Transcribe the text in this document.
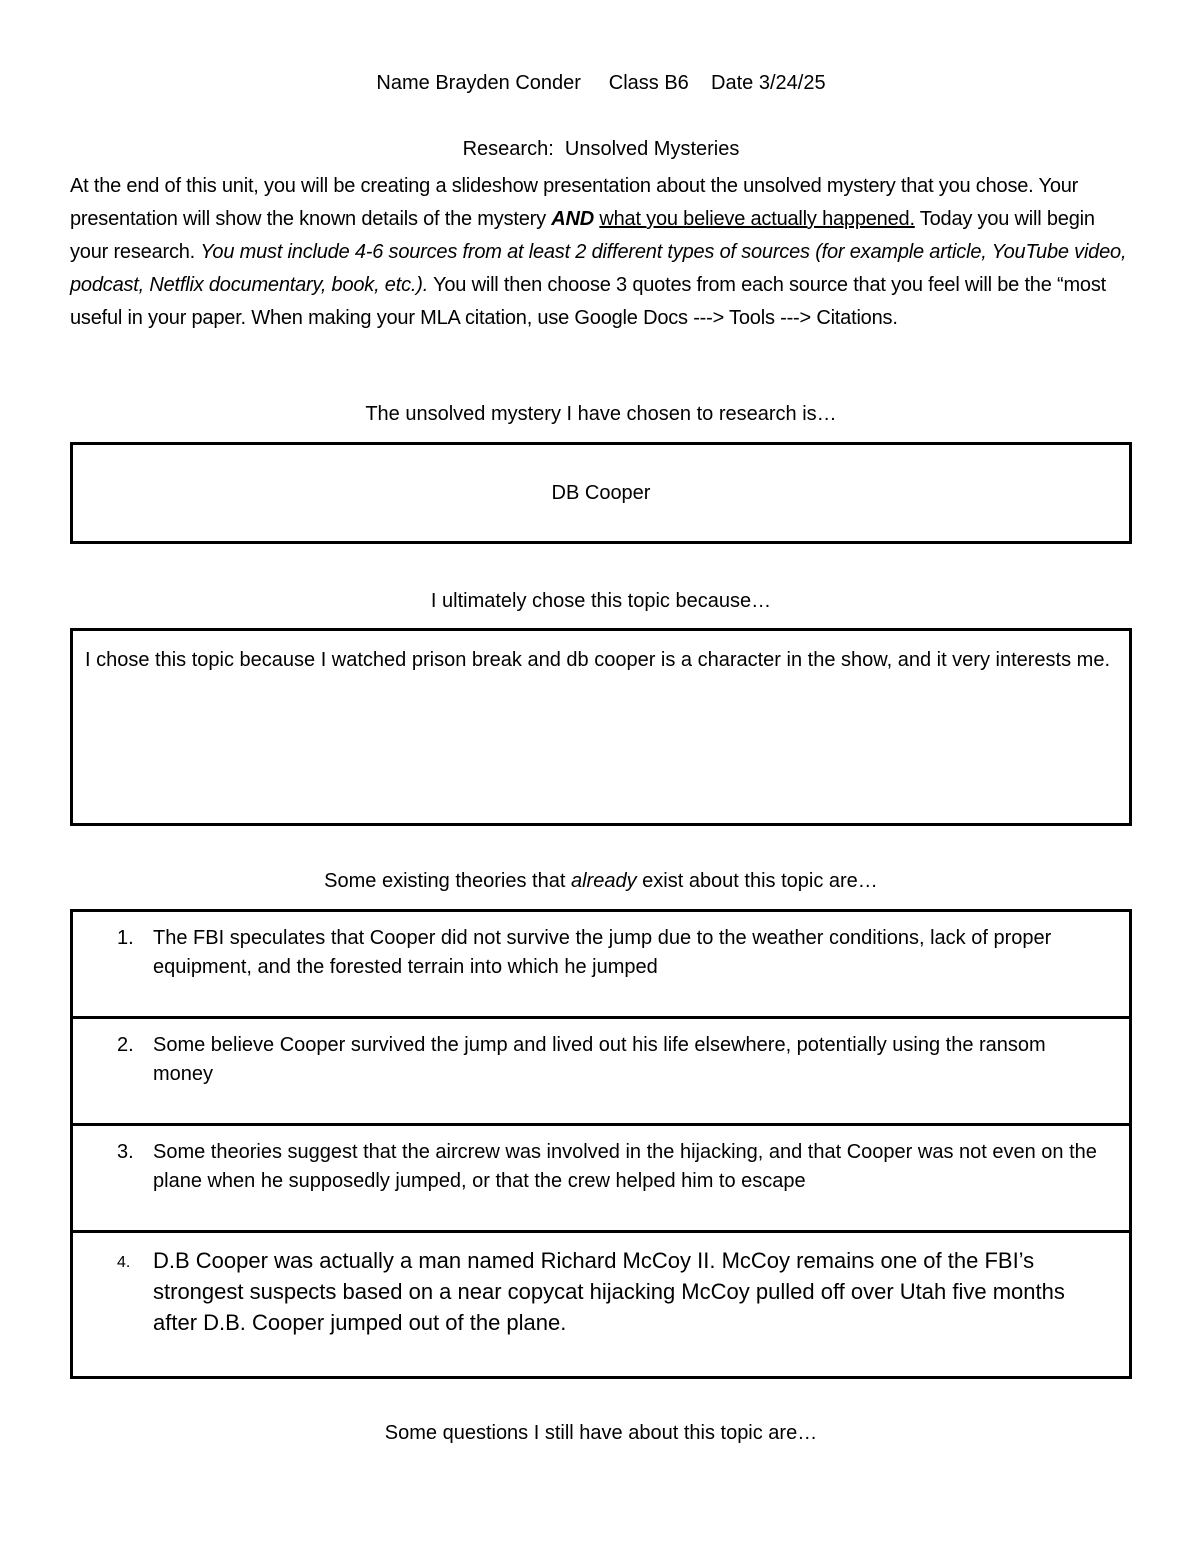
Name Brayden Conder Class B6 Date 3/24/25
Research:  Unsolved Mysteries
At the end of this unit, you will be creating a slideshow presentation about the unsolved mystery that you chose. Your presentation will show the known details of the mystery AND what you believe actually happened. Today you will begin your research. You must include 4-6 sources from at least 2 different types of sources (for example article, YouTube video, podcast, Netflix documentary, book, etc.). You will then choose 3 quotes from each source that you feel will be the “most useful in your paper. When making your MLA citation, use Google Docs ---> Tools ---> Citations.
The unsolved mystery I have chosen to research is…
DB Cooper
I ultimately chose this topic because…
I chose this topic because I watched prison break and db cooper is a character in the show, and it very interests me.
Some existing theories that already exist about this topic are…
1. The FBI speculates that Cooper did not survive the jump due to the weather conditions, lack of proper equipment, and the forested terrain into which he jumped
2. Some believe Cooper survived the jump and lived out his life elsewhere, potentially using the ransom money
3. Some theories suggest that the aircrew was involved in the hijacking, and that Cooper was not even on the plane when he supposedly jumped, or that the crew helped him to escape
4. D.B Cooper was actually a man named Richard McCoy II. McCoy remains one of the FBI’s strongest suspects based on a near copycat hijacking McCoy pulled off over Utah five months after D.B. Cooper jumped out of the plane.
Some questions I still have about this topic are…
